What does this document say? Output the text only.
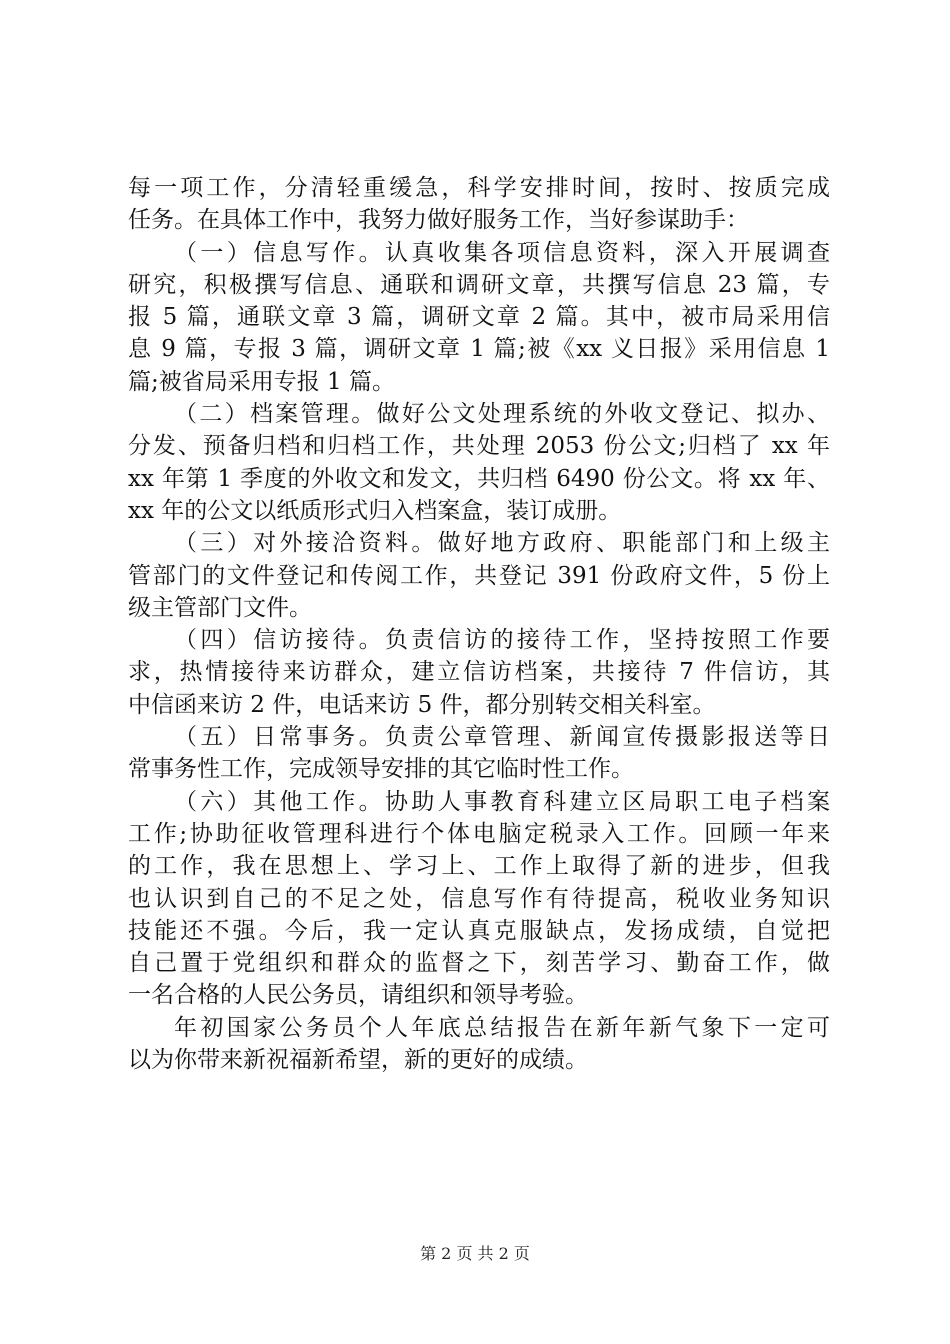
每一项工作，分清轻重缓急，科学安排时间，按时、按质完成
任务。在具体工作中，我努力做好服务工作，当好参谋助手：
（一）信息写作。认真收集各项信息资料，深入开展调查
研究，积极撰写信息、通联和调研文章，共撰写信息 23 篇，专
报 5 篇，通联文章 3 篇，调研文章 2 篇。其中，被市局采用信
息 9 篇，专报 3 篇，调研文章 1 篇;被《xx 义日报》采用信息 1
篇;被省局采用专报 1 篇。
（二）档案管理。做好公文处理系统的外收文登记、拟办、
分发、预备归档和归档工作，共处理 2053 份公文;归档了 xx 年
xx 年第 1 季度的外收文和发文，共归档 6490 份公文。将 xx 年、
xx 年的公文以纸质形式归入档案盒，装订成册。
（三）对外接洽资料。做好地方政府、职能部门和上级主
管部门的文件登记和传阅工作，共登记 391 份政府文件，5 份上
级主管部门文件。
（四）信访接待。负责信访的接待工作，坚持按照工作要
求，热情接待来访群众，建立信访档案，共接待 7 件信访，其
中信函来访 2 件，电话来访 5 件，都分别转交相关科室。
（五）日常事务。负责公章管理、新闻宣传摄影报送等日
常事务性工作，完成领导安排的其它临时性工作。
（六）其他工作。协助人事教育科建立区局职工电子档案
工作;协助征收管理科进行个体电脑定税录入工作。回顾一年来
的工作，我在思想上、学习上、工作上取得了新的进步，但我
也认识到自己的不足之处，信息写作有待提高，税收业务知识
技能还不强。今后，我一定认真克服缺点，发扬成绩，自觉把
自己置于党组织和群众的监督之下，刻苦学习、勤奋工作，做
一名合格的人民公务员，请组织和领导考验。
年初国家公务员个人年底总结报告在新年新气象下一定可
以为你带来新祝福新希望，新的更好的成绩。
第 2 页 共 2 页
